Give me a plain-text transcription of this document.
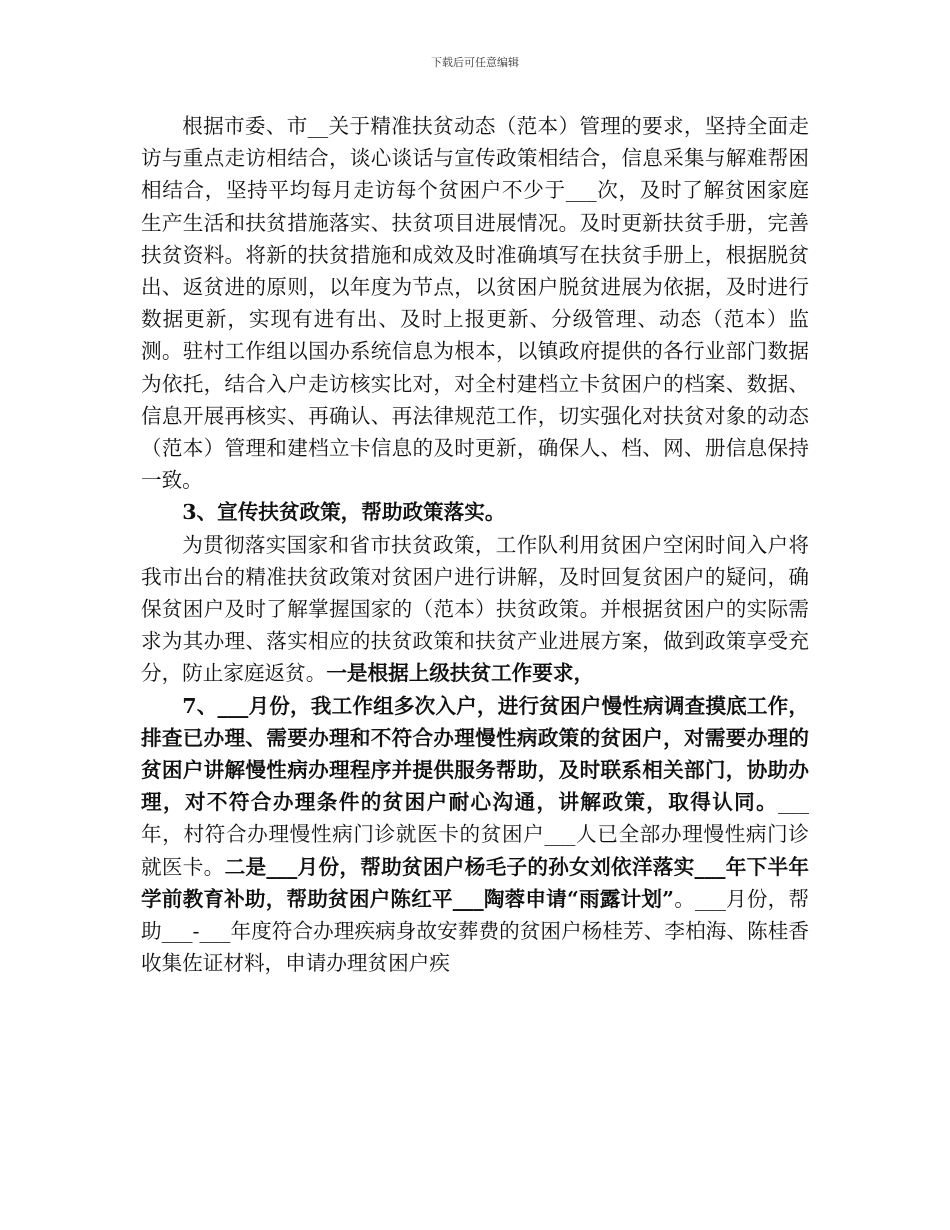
下载后可任意编辑

根据市委、市__关于精准扶贫动态（范本）管理的要求，坚持全面走访与重点走访相结合，谈心谈话与宣传政策相结合，信息采集与解难帮困相结合，坚持平均每月走访每个贫困户不少于___次，及时了解贫困家庭生产生活和扶贫措施落实、扶贫项目进展情况。及时更新扶贫手册，完善扶贫资料。将新的扶贫措施和成效及时准确填写在扶贫手册上，根据脱贫出、返贫进的原则，以年度为节点，以贫困户脱贫进展为依据，及时进行数据更新，实现有进有出、及时上报更新、分级管理、动态（范本）监测。驻村工作组以国办系统信息为根本，以镇政府提供的各行业部门数据为依托，结合入户走访核实比对，对全村建档立卡贫困户的档案、数据、信息开展再核实、再确认、再法律规范工作，切实强化对扶贫对象的动态（范本）管理和建档立卡信息的及时更新，确保人、档、网、册信息保持一致。

3、宣传扶贫政策，帮助政策落实。

为贯彻落实国家和省市扶贫政策，工作队利用贫困户空闲时间入户将我市出台的精准扶贫政策对贫困户进行讲解，及时回复贫困户的疑问，确保贫困户及时了解掌握国家的（范本）扶贫政策。并根据贫困户的实际需求为其办理、落实相应的扶贫政策和扶贫产业进展方案，做到政策享受充分，防止家庭返贫。一是根据上级扶贫工作要求，

7、___月份，我工作组多次入户，进行贫困户慢性病调查摸底工作，排查已办理、需要办理和不符合办理慢性病政策的贫困户，对需要办理的贫困户讲解慢性病办理程序并提供服务帮助，及时联系相关部门，协助办理，对不符合办理条件的贫困户耐心沟通，讲解政策，取得认同。___年，村符合办理慢性病门诊就医卡的贫困户___人已全部办理慢性病门诊就医卡。二是___月份，帮助贫困户杨毛子的孙女刘依洋落实___年下半年学前教育补助，帮助贫困户陈红平___陶蓉申请“雨露计划”。___月份，帮助___-___年度符合办理疾病身故安葬费的贫困户杨桂芳、李柏海、陈桂香收集佐证材料，申请办理贫困户疾
